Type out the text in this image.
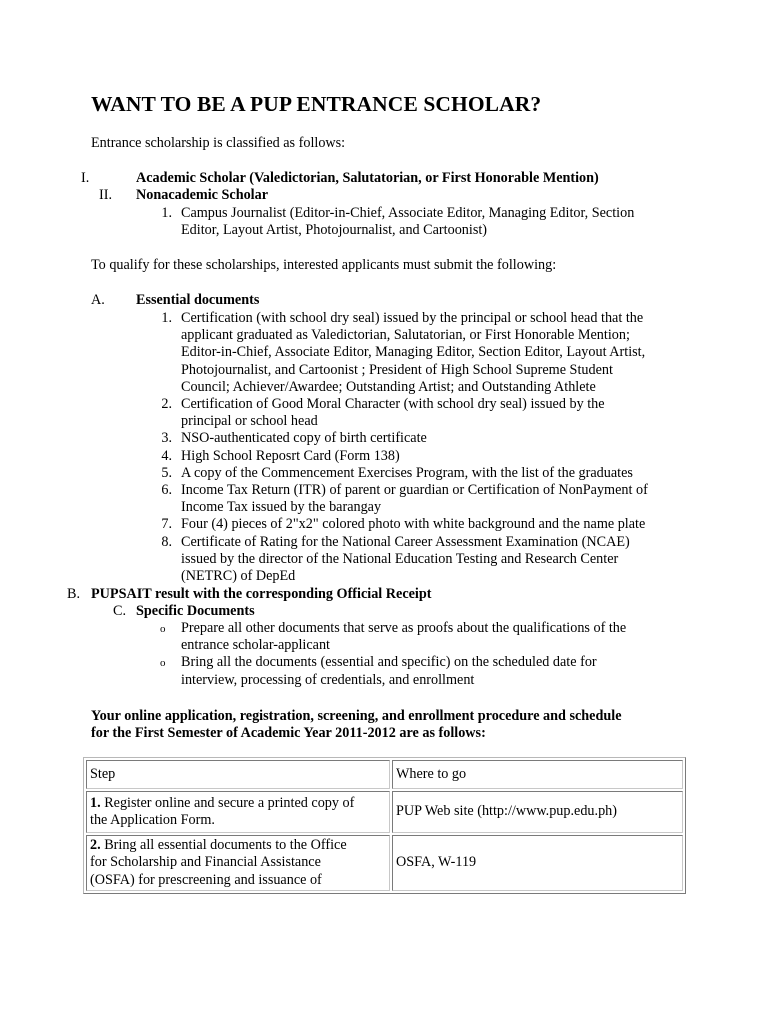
WANT TO BE A PUP ENTRANCE SCHOLAR?

Entrance scholarship is classified as follows:

I.	Academic Scholar (Valedictorian, Salutatorian, or First Honorable Mention)
II. Nonacademic Scholar
1. Campus Journalist (Editor-in-Chief, Associate Editor, Managing Editor, Section
Editor, Layout Artist, Photojournalist, and Cartoonist)

To qualify for these scholarships, interested applicants must submit the following:

A. Essential documents
1. Certification (with school dry seal) issued by the principal or school head that the
applicant graduated as Valedictorian, Salutatorian, or First Honorable Mention;
Editor-in-Chief, Associate Editor, Managing Editor, Section Editor, Layout Artist,
Photojournalist, and Cartoonist ; President of High School Supreme Student
Council; Achiever/Awardee; Outstanding Artist; and Outstanding Athlete
2. Certification of Good Moral Character (with school dry seal) issued by the
principal or school head
3. NSO-authenticated copy of birth certificate
4. High School Reposrt Card (Form 138)
5. A copy of the Commencement Exercises Program, with the list of the graduates
6. Income Tax Return (ITR) of parent or guardian or Certification of NonPayment of
Income Tax issued by the barangay
7. Four (4) pieces of 2"x2" colored photo with white background and the name plate
8. Certificate of Rating for the National Career Assessment Examination (NCAE)
issued by the director of the National Education Testing and Research Center
(NETRC) of DepEd
B. PUPSAIT result with the corresponding Official Receipt
C. Specific Documents
o Prepare all other documents that serve as proofs about the qualifications of the
entrance scholar-applicant
o Bring all the documents (essential and specific) on the scheduled date for
interview, processing of credentials, and enrollment
Your online application, registration, screening, and enrollment procedure and schedule
for the First Semester of Academic Year 2011-2012 are as follows:
Step	Where to go
1. Register online and secure a printed copy of
the Application Form.	PUP Web site (http://www.pup.edu.ph)
2. Bring all essential documents to the Office
for Scholarship and Financial Assistance
(OSFA) for prescreening and issuance of	OSFA, W-119
